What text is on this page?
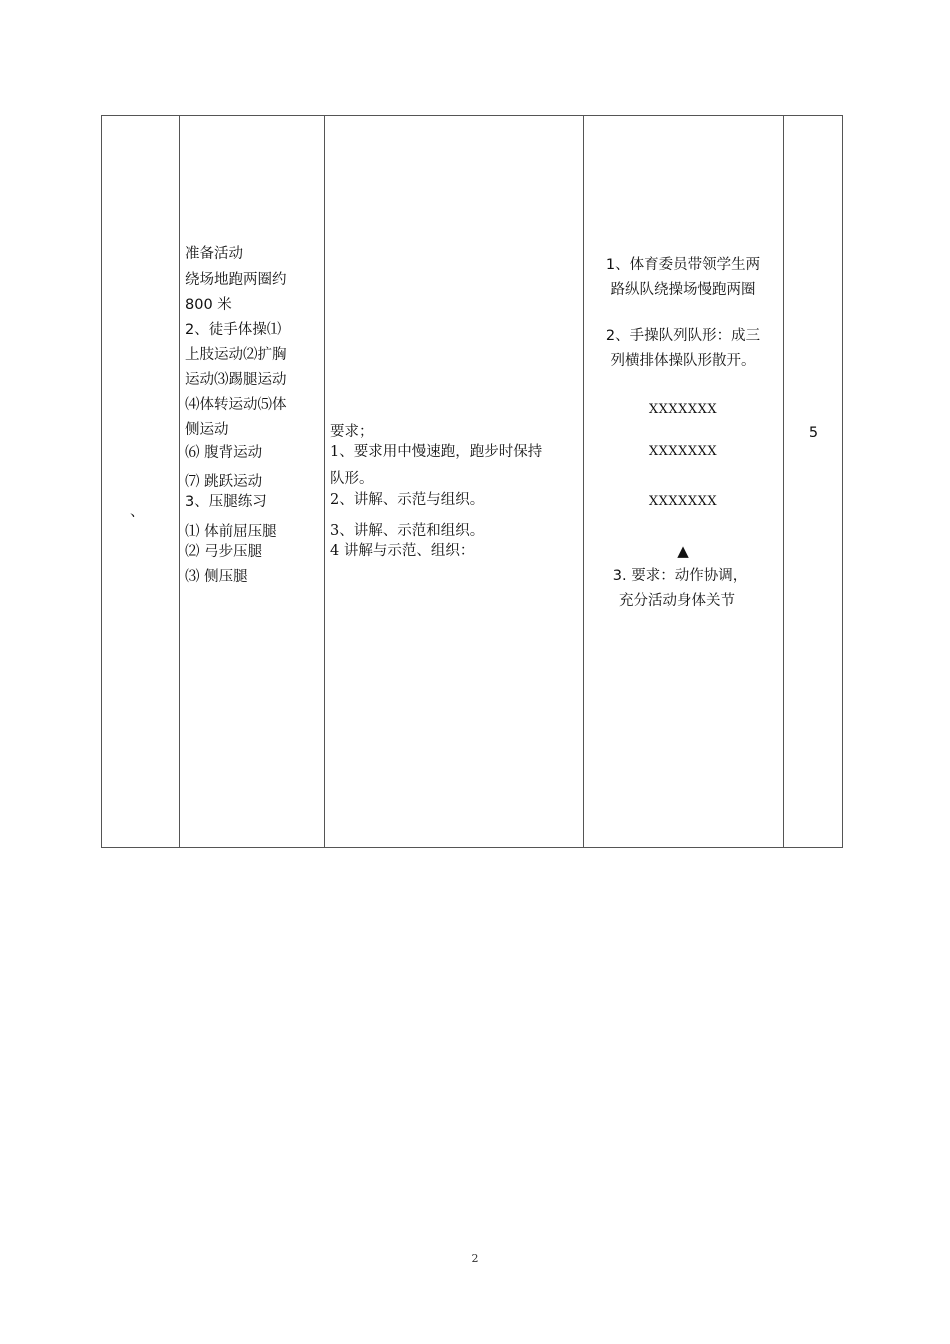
、
准备活动
绕场地跑两圈约
800 米
2、徒手体操⑴
上肢运动⑵扩胸
运动⑶踢腿运动
⑷体转运动⑸体
侧运动
⑹ 腹背运动
⑺ 跳跃运动
3、压腿练习
⑴ 体前屈压腿
⑵ 弓步压腿
⑶ 侧压腿
要求；
1、要求用中慢速跑，跑步时保持
队形。
2、讲解、示范与组织。
3、讲解、示范和组织。
4 讲解与示范、组织：
1、体育委员带领学生两
路纵队绕操场慢跑两圈
2、手操队列队形：成三
列横排体操队形散开。
XXXXXXX
XXXXXXX
XXXXXXX
▲
3. 要求：动作协调，
充分活动身体关节
5
2
